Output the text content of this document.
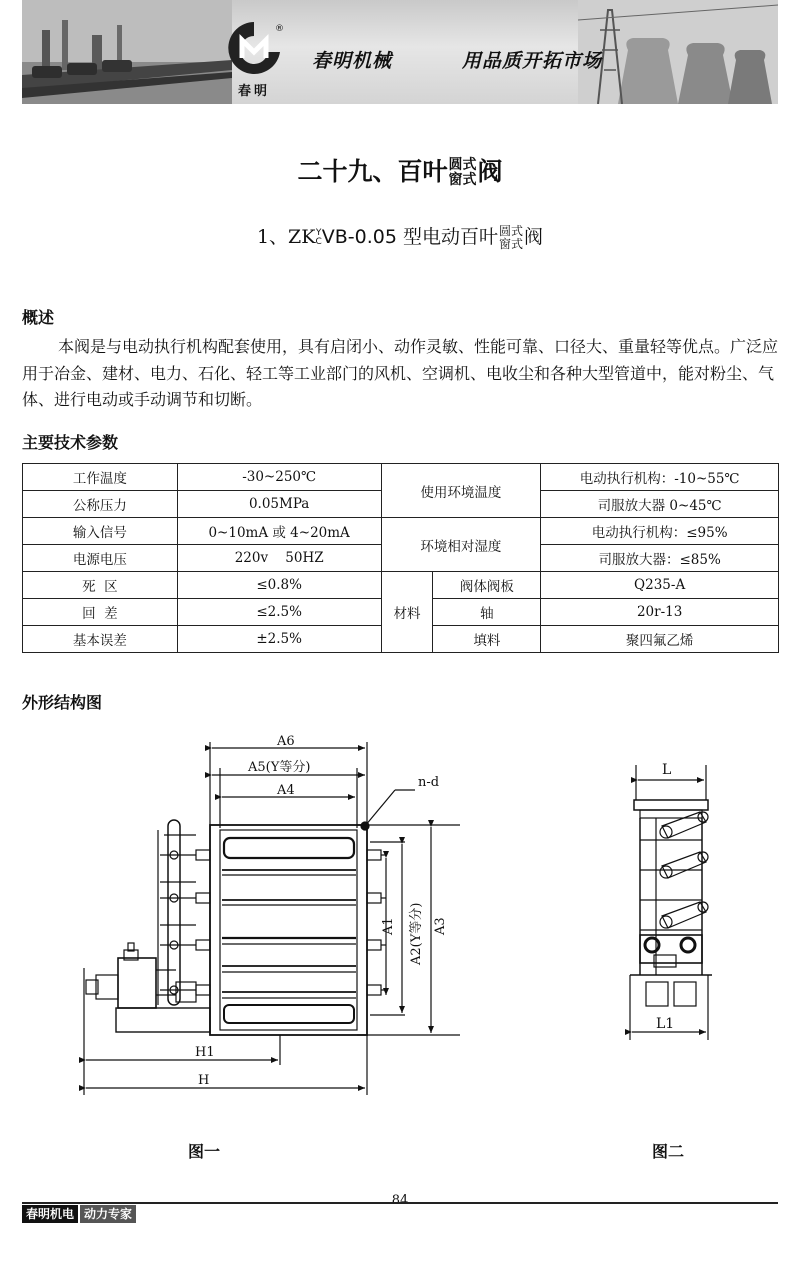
春明
®
春明机械	用品质开拓市场
二十九、百叶圆式
窗式阀
1、ZKY
CVB-0.05 型电动百叶圆式
窗式阀
概述
本阀是与电动执行机构配套使用，具有启闭小、动作灵敏、性能可靠、口径大、重量轻等优点。广泛应用于冶金、建材、电力、石化、轻工等工业部门的风机、空调机、电收尘和各种大型管道中，能对粉尘、气体、进行电动或手动调节和切断。
主要技术参数
工作温度	-30~250℃	使用环境温度		电动执行机构：-10~55℃
公称压力	0.05MPa			司服放大器 0~45℃
输入信号	0~10mA 或 4~20mA	环境相对湿度		电动执行机构：≤95%
电源电压	220v    50HZ			司服放大器：≤85%
死  区	≤0.8%	材料	阀体阀板	Q235-A
回  差	≤2.5%		轴	20r-13
基本误差	±2.5%		填料	聚四氟乙烯
外形结构图
A6
A5(Y等分)
A4
n-d
H1
H
A1 A2(Y等分) A3
L
L1
图一	图二
84
春明机电 动力专家
